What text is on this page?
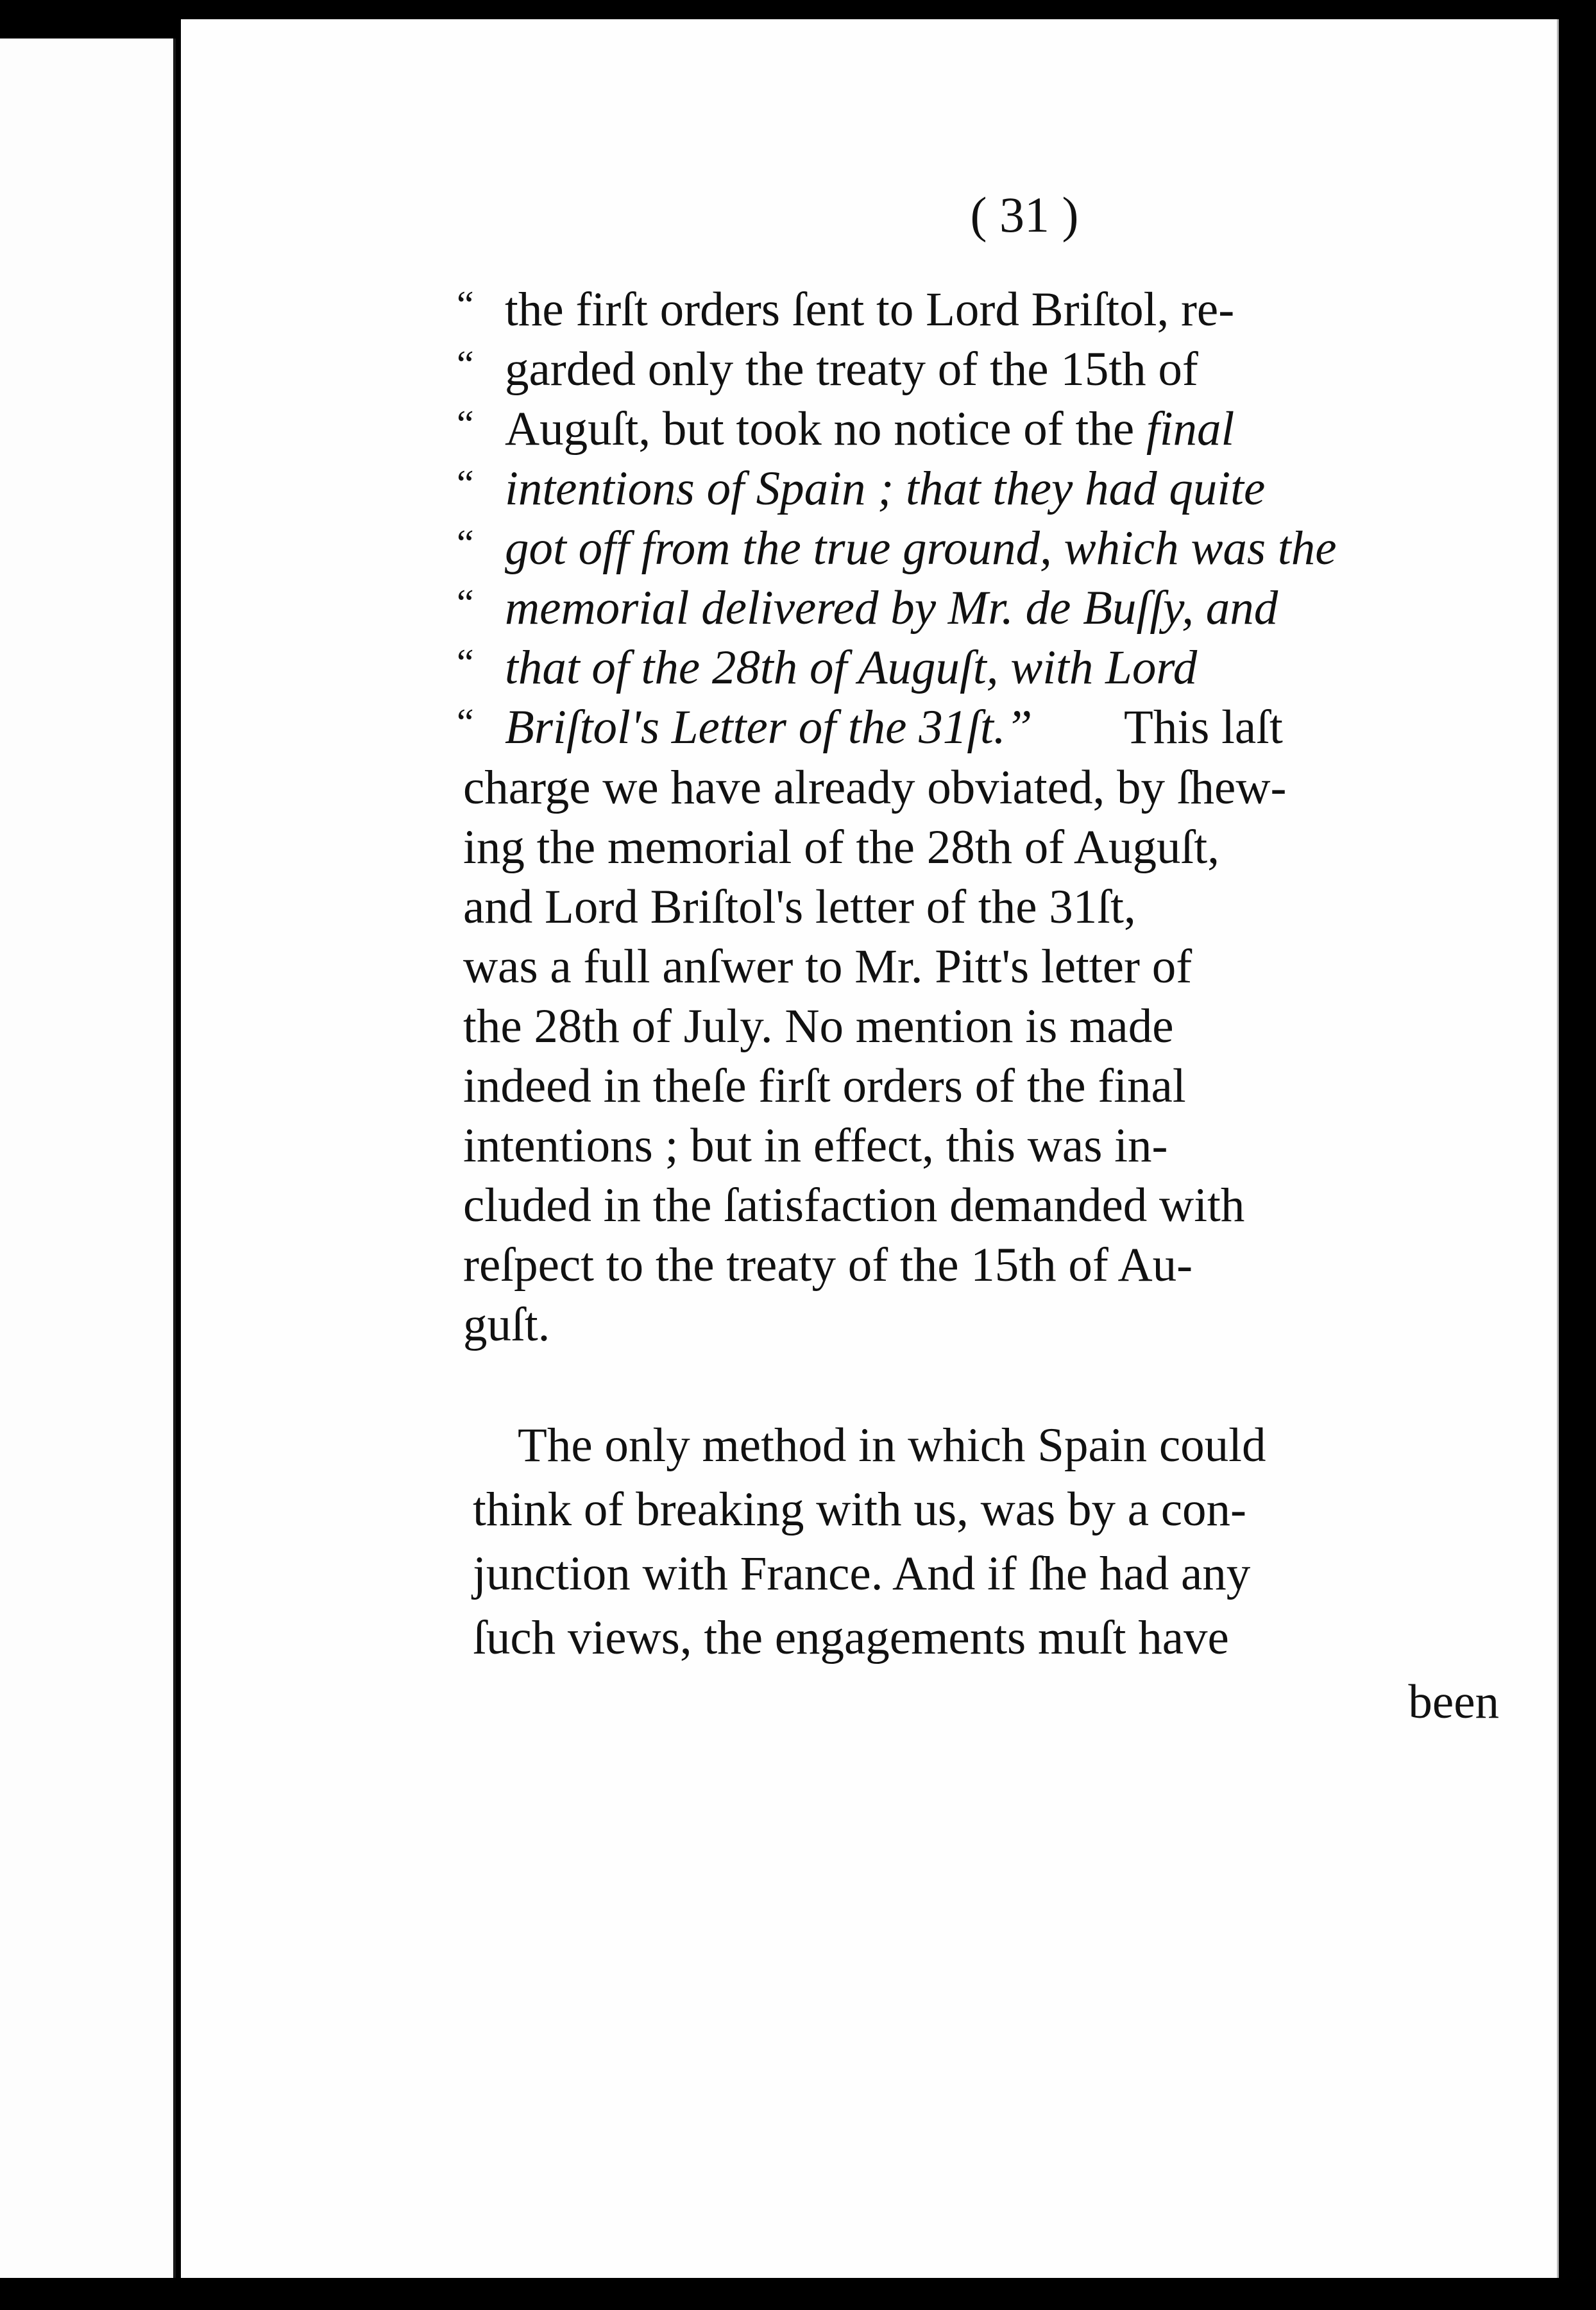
( 31 )

“

“

“

“

“

“

“

“

the firſt orders ſent to Lord Briſtol, re-

garded only the treaty of the 15th of

Auguſt, but took no notice of the final

intentions of Spain ; that they had quite

got off from the true ground, which was the

memorial delivered by Mr. de Buſſy, and

that of the 28th of Auguſt, with Lord

Briſtol's Letter of the 31ſt.” This laſt

charge we have already obviated, by ſhew-

ing the memorial of the 28th of Auguſt,

and Lord Briſtol's letter of the 31ſt,

was a full anſwer to Mr. Pitt's letter of

the 28th of July. No mention is made

indeed in theſe firſt orders of the final

intentions ; but in effect, this was in-

cluded in the ſatisfaction demanded with

reſpect to the treaty of the 15th of Au-

guſt.

The only method in which Spain could

think of breaking with us, was by a con-

junction with France. And if ſhe had any

ſuch views, the engagements muſt have

been
